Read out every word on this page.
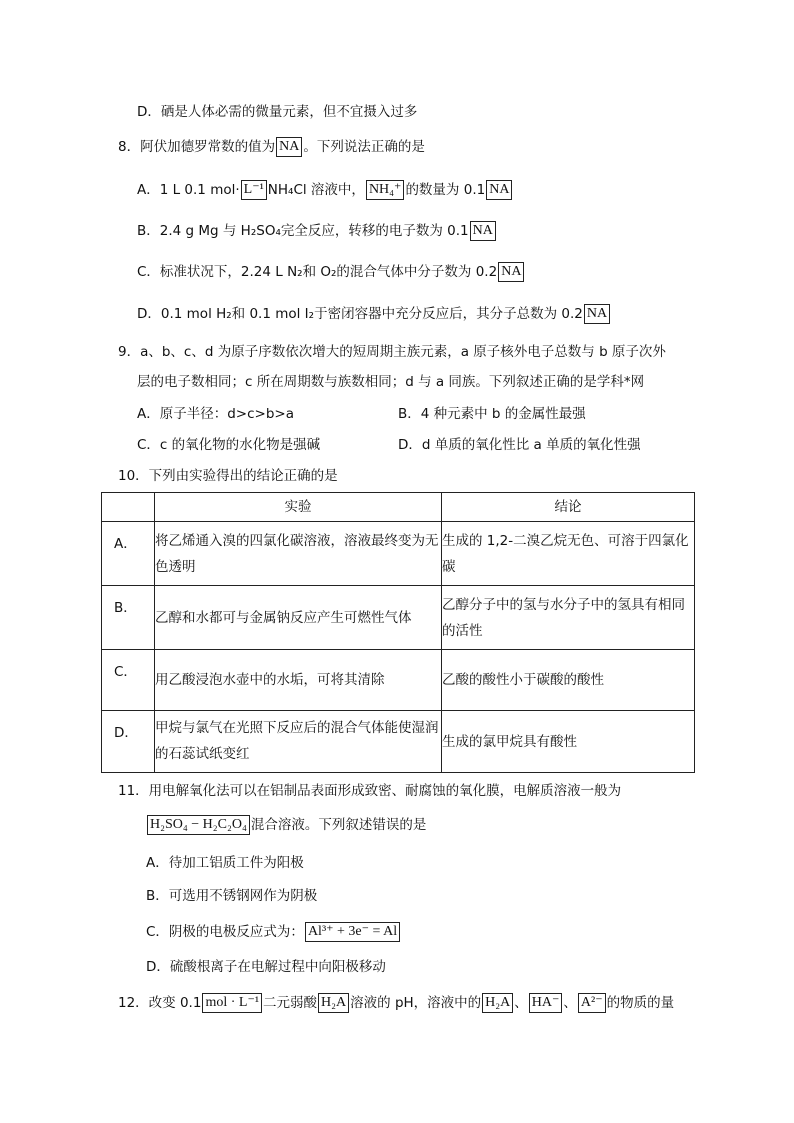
D．硒是人体必需的微量元素，但不宜摄入过多
8．阿伏加德罗常数的值为 NA 。下列说法正确的是
A．1 L 0.1 mol· L⁻¹ NH₄Cl 溶液中， NH₄⁺ 的数量为 0.1 NA
B．2.4 g Mg 与 H₂SO₄完全反应，转移的电子数为 0.1 NA
C．标准状况下，2.24 L N₂和 O₂的混合气体中分子数为 0.2 NA
D．0.1 mol H₂和 0.1 mol I₂于密闭容器中充分反应后，其分子总数为 0.2 NA
9．a、b、c、d 为原子序数依次增大的短周期主族元素，a 原子核外电子总数与 b 原子次外
层的电子数相同；c 所在周期数与族数相同；d 与 a 同族。下列叙述正确的是学科*网
A．原子半径：d>c>b>a	B．4 种元素中 b 的金属性最强
C．c 的氧化物的水化物是强碱	D．d 单质的氧化性比 a 单质的氧化性强
10．下列由实验得出的结论正确的是
	实验	结论
A．	将乙烯通入溴的四氯化碳溶液，溶液最终变为无色透明	生成的 1,2-二溴乙烷无色、可溶于四氯化碳

B．	乙醇和水都可与金属钠反应产生可燃性气体	乙醇分子中的氢与水分子中的氢具有相同的活性

C．	用乙酸浸泡水壶中的水垢，可将其清除	乙酸的酸性小于碳酸的酸性

D．	甲烷与氯气在光照下反应后的混合气体能使湿润的石蕊试纸变红	生成的氯甲烷具有酸性
11．用电解氧化法可以在铝制品表面形成致密、耐腐蚀的氧化膜，电解质溶液一般为
H₂SO₄ − H₂C₂O₄ 混合溶液。下列叙述错误的是
A．待加工铝质工件为阳极
B．可选用不锈钢网作为阴极
C．阴极的电极反应式为： Al³⁺ + 3e⁻ = Al
D．硫酸根离子在电解过程中向阳极移动
12．改变 0.1 mol · L⁻¹ 二元弱酸 H₂A 溶液的 pH，溶液中的 H₂A 、 HA⁻ 、 A²⁻ 的物质的量
